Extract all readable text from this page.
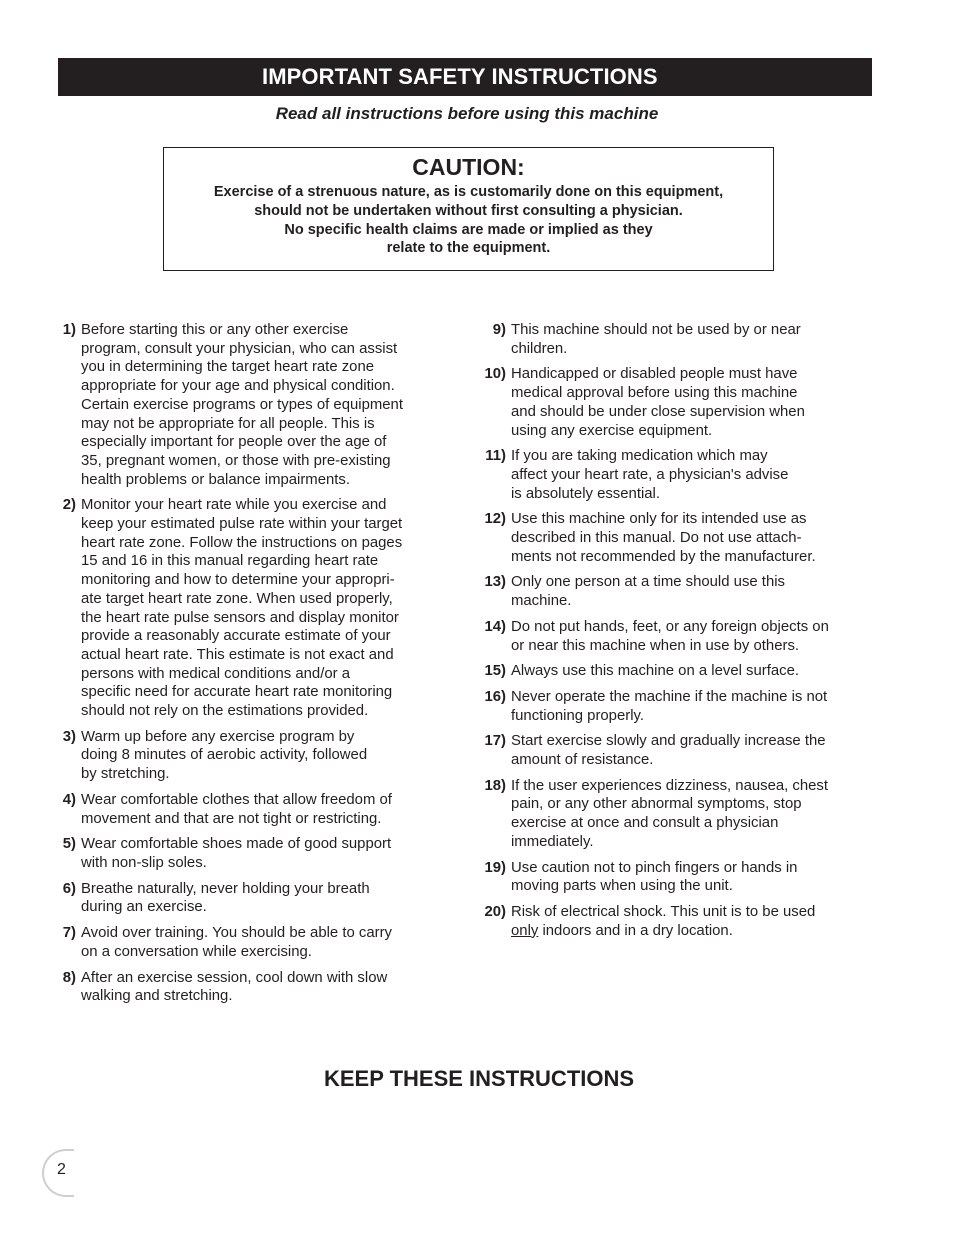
IMPORTANT SAFETY INSTRUCTIONS
Read all instructions before using this machine
CAUTION:
Exercise of a strenuous nature, as is customarily done on this equipment,
should not be undertaken without first consulting a physician.
No specific health claims are made or implied as they
relate to the equipment.
1) Before starting this or any other exercise
program, consult your physician, who can assist
you in determining the target heart rate zone
appropriate for your age and physical condition.
Certain exercise programs or types of equipment
may not be appropriate for all people. This is
especially important for people over the age of
35, pregnant women, or those with pre-existing
health problems or balance impairments.
2) Monitor your heart rate while you exercise and
keep your estimated pulse rate within your target
heart rate zone. Follow the instructions on pages
15 and 16 in this manual regarding heart rate
monitoring and how to determine your appropri-
ate target heart rate zone. When used properly,
the heart rate pulse sensors and display monitor
provide a reasonably accurate estimate of your
actual heart rate. This estimate is not exact and
persons with medical conditions and/or a
specific need for accurate heart rate monitoring
should not rely on the estimations provided.
3) Warm up before any exercise program by
doing 8 minutes of aerobic activity, followed
by stretching.
4) Wear comfortable clothes that allow freedom of
movement and that are not tight or restricting.
5) Wear comfortable shoes made of good support
with non-slip soles.
6) Breathe naturally, never holding your breath
during an exercise.
7) Avoid over training. You should be able to carry
on a conversation while exercising.
8) After an exercise session, cool down with slow
walking and stretching.
9) This machine should not be used by or near
children.
10) Handicapped or disabled people must have
medical approval before using this machine
and should be under close supervision when
using any exercise equipment.
11) If you are taking medication which may
affect your heart rate, a physician's advise
is absolutely essential.
12) Use this machine only for its intended use as
described in this manual. Do not use attach-
ments not recommended by the manufacturer.
13) Only one person at a time should use this
machine.
14) Do not put hands, feet, or any foreign objects on
or near this machine when in use by others.
15) Always use this machine on a level surface.
16) Never operate the machine if the machine is not
functioning properly.
17) Start exercise slowly and gradually increase the
amount of resistance.
18) If the user experiences dizziness, nausea, chest
pain, or any other abnormal symptoms, stop
exercise at once and consult a physician
immediately.
19) Use caution not to pinch fingers or hands in
moving parts when using the unit.
20) Risk of electrical shock. This unit is to be used
only indoors and in a dry location.
KEEP THESE INSTRUCTIONS
2
